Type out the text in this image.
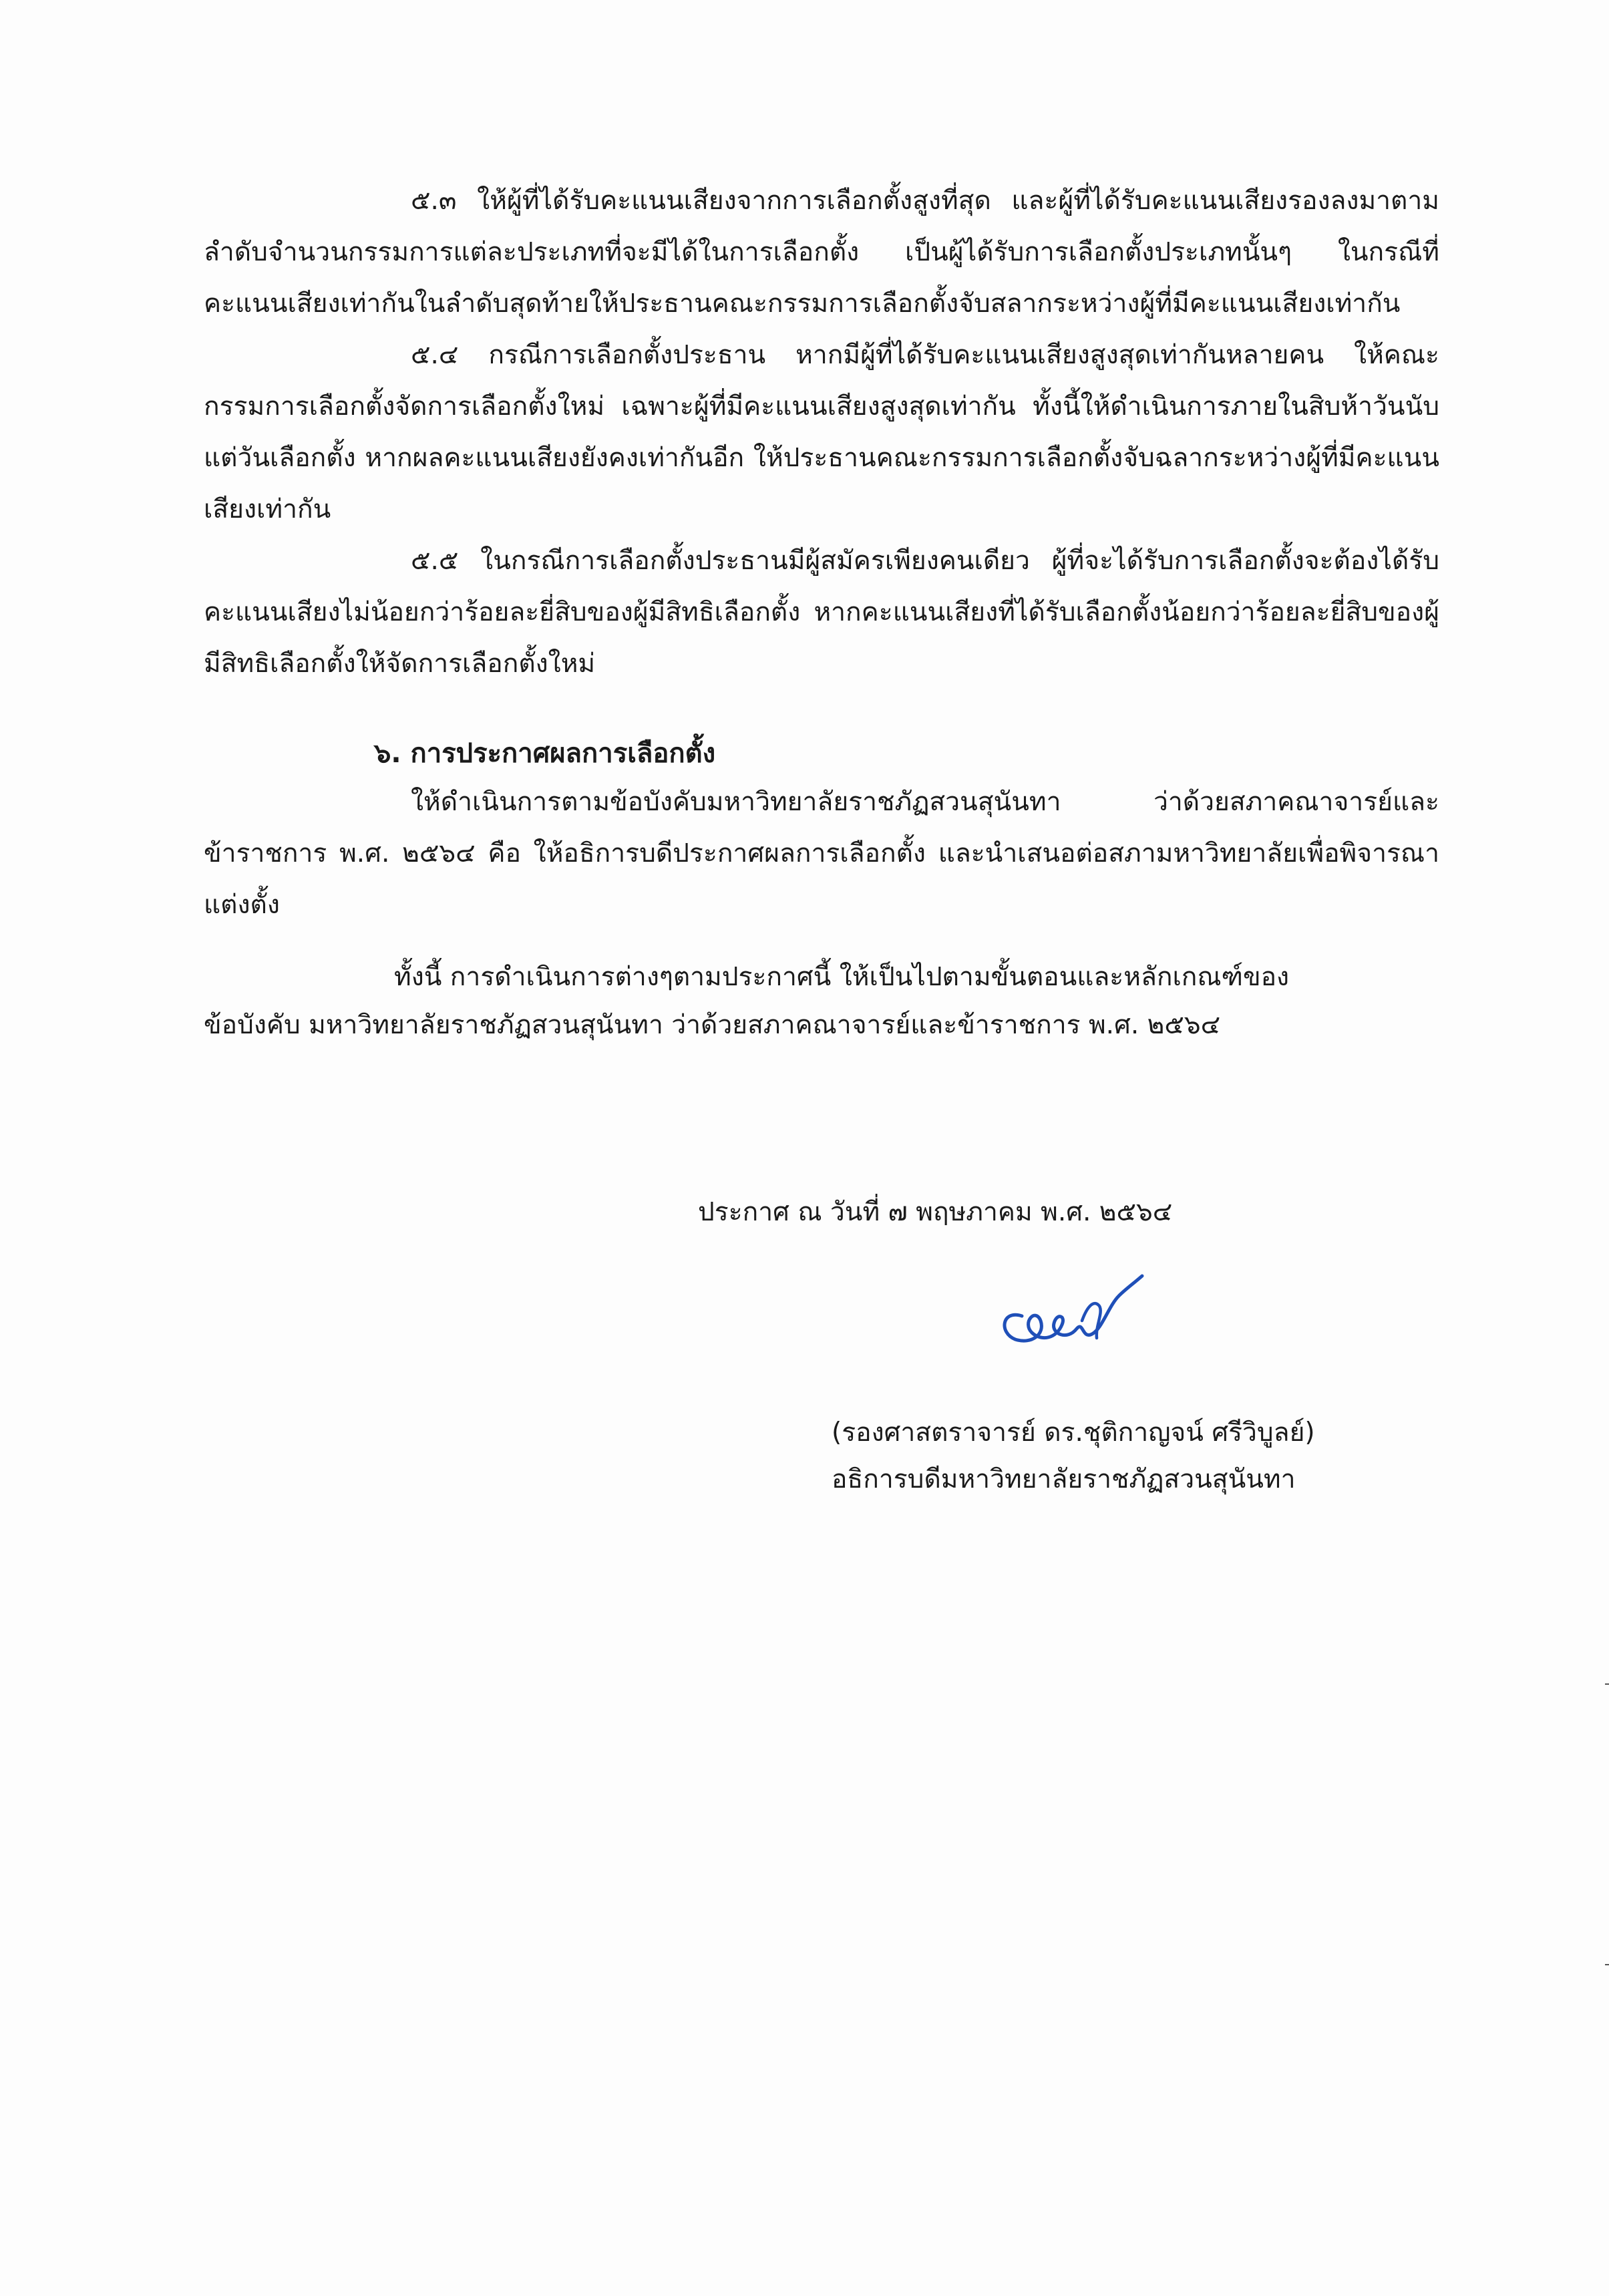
๕.๓ ให้ผู้ที่ได้รับคะแนนเสียงจากการเลือกตั้งสูงที่สุด และผู้ที่ได้รับคะแนนเสียงรองลงมาตามลำดับจำนวนกรรมการแต่ละประเภทที่จะมีได้ในการเลือกตั้ง เป็นผู้ได้รับการเลือกตั้งประเภทนั้นๆ ในกรณีที่คะแนนเสียงเท่ากันในลำดับสุดท้ายให้ประธานคณะกรรมการเลือกตั้งจับสลากระหว่างผู้ที่มีคะแนนเสียงเท่ากัน

๕.๔ กรณีการเลือกตั้งประธาน หากมีผู้ที่ได้รับคะแนนเสียงสูงสุดเท่ากันหลายคน ให้คณะกรรมการเลือกตั้งจัดการเลือกตั้งใหม่ เฉพาะผู้ที่มีคะแนนเสียงสูงสุดเท่ากัน ทั้งนี้ให้ดำเนินการภายในสิบห้าวันนับแต่วันเลือกตั้ง หากผลคะแนนเสียงยังคงเท่ากันอีก ให้ประธานคณะกรรมการเลือกตั้งจับฉลากระหว่างผู้ที่มีคะแนนเสียงเท่ากัน

๕.๕ ในกรณีการเลือกตั้งประธานมีผู้สมัครเพียงคนเดียว ผู้ที่จะได้รับการเลือกตั้งจะต้องได้รับคะแนนเสียงไม่น้อยกว่าร้อยละยี่สิบของผู้มีสิทธิเลือกตั้ง หากคะแนนเสียงที่ได้รับเลือกตั้งน้อยกว่าร้อยละยี่สิบของผู้มีสิทธิเลือกตั้งให้จัดการเลือกตั้งใหม่

๖. การประกาศผลการเลือกตั้ง

ให้ดำเนินการตามข้อบังคับมหาวิทยาลัยราชภัฏสวนสุนันทา ว่าด้วยสภาคณาจารย์และข้าราชการ พ.ศ. ๒๕๖๔ คือ ให้อธิการบดีประกาศผลการเลือกตั้ง และนำเสนอต่อสภามหาวิทยาลัยเพื่อพิจารณาแต่งตั้ง

ทั้งนี้ การดำเนินการต่างๆตามประกาศนี้ ให้เป็นไปตามขั้นตอนและหลักเกณฑ์ของ
ข้อบังคับ มหาวิทยาลัยราชภัฏสวนสุนันทา ว่าด้วยสภาคณาจารย์และข้าราชการ พ.ศ. ๒๕๖๔
ประกาศ ณ วันที่ ๗ พฤษภาคม พ.ศ. ๒๕๖๔
(รองศาสตราจารย์ ดร.ชุติกาญจน์ ศรีวิบูลย์)
อธิการบดีมหาวิทยาลัยราชภัฏสวนสุนันทา
